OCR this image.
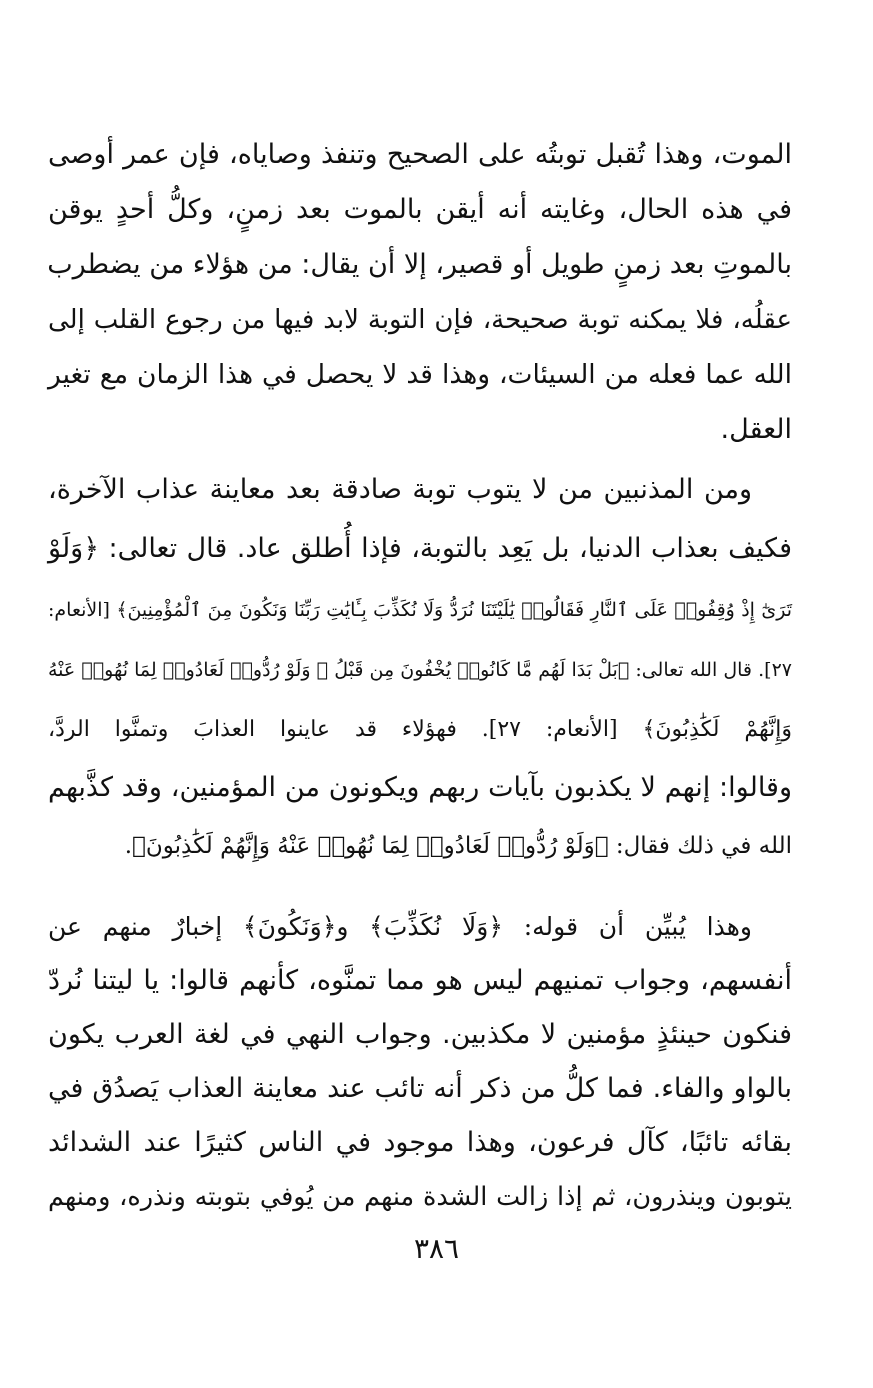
الموت، وهذا تُقبل توبتُه على الصحيح وتنفذ وصاياه، فإن عمر أوصى
في هذه الحال، وغايته أنه أيقن بالموت بعد زمنٍ، وكلُّ أحدٍ يوقن
بالموتِ بعد زمنٍ طويل أو قصير، إلا أن يقال: من هؤلاء من يضطرب
عقلُه، فلا يمكنه توبة صحيحة، فإن التوبة لابد فيها من رجوع القلب إلى
الله عما فعله من السيئات، وهذا قد لا يحصل في هذا الزمان مع تغير
العقل.
ومن المذنبين من لا يتوب توبة صادقة بعد معاينة عذاب الآخرة،
فكيف بعذاب الدنيا، بل يَعِد بالتوبة، فإذا أُطلق عاد. قال تعالى: ﴿وَلَوْ
تَرَىٰٓ إِذْ وُقِفُوا۟ عَلَى ٱلنَّارِ فَقَالُوا۟ يَٰلَيْتَنَا نُرَدُّ وَلَا نُكَذِّبَ بِـَٔايَٰتِ رَبِّنَا وَنَكُونَ مِنَ ٱلْمُؤْمِنِينَ﴾ [الأنعام:
٢٧]. قال الله تعالى: ﴿بَلْ بَدَا لَهُم مَّا كَانُوا۟ يُخْفُونَ مِن قَبْلُ ۖ وَلَوْ رُدُّوا۟ لَعَادُوا۟ لِمَا نُهُوا۟ عَنْهُ
وَإِنَّهُمْ لَكَٰذِبُونَ﴾ [الأنعام: ٢٧]. فهؤلاء قد عاينوا العذابَ وتمنَّوا الردَّ،
وقالوا: إنهم لا يكذبون بآيات ربهم ويكونون من المؤمنين، وقد كذَّبهم
الله في ذلك فقال: ﴿وَلَوْ رُدُّوا۟ لَعَادُوا۟ لِمَا نُهُوا۟ عَنْهُ وَإِنَّهُمْ لَكَٰذِبُونَ﴾.
وهذا يُبيِّن أن قوله: ﴿وَلَا نُكَذِّبَ﴾ و﴿وَنَكُونَ﴾ إخبارٌ منهم عن
أنفسهم، وجواب تمنيهم ليس هو مما تمنَّوه، كأنهم قالوا: يا ليتنا نُردّ
فنكون حينئذٍ مؤمنين لا مكذبين. وجواب النهي في لغة العرب يكون
بالواو والفاء. فما كلُّ من ذكر أنه تائب عند معاينة العذاب يَصدُق في
بقائه تائبًا، كآل فرعون، وهذا موجود في الناس كثيرًا عند الشدائد
يتوبون وينذرون، ثم إذا زالت الشدة منهم من يُوفي بتوبته ونذره، ومنهم
٣٨٦
